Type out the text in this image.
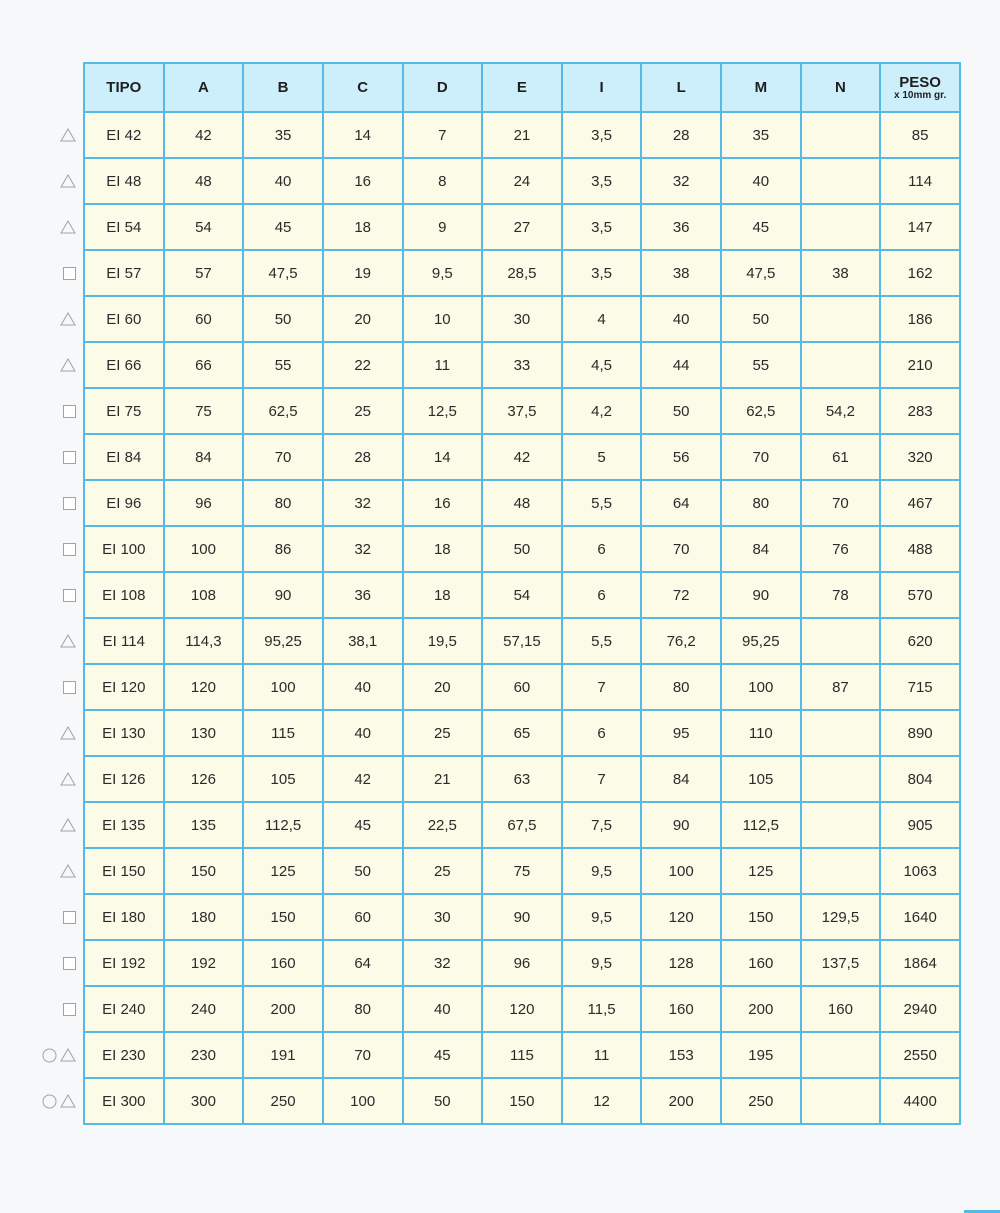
TIPO	A	B	C	D	E	I	L	M	N	PESO
x 10mm gr.

EI 42	42	35	14	7	21	3,5	28	35		85
EI 48	48	40	16	8	24	3,5	32	40		114
EI 54	54	45	18	9	27	3,5	36	45		147
EI 57	57	47,5	19	9,5	28,5	3,5	38	47,5	38	162
EI 60	60	50	20	10	30	4	40	50		186
EI 66	66	55	22	11	33	4,5	44	55		210
EI 75	75	62,5	25	12,5	37,5	4,2	50	62,5	54,2	283
EI 84	84	70	28	14	42	5	56	70	61	320
EI 96	96	80	32	16	48	5,5	64	80	70	467
EI 100	100	86	32	18	50	6	70	84	76	488
EI 108	108	90	36	18	54	6	72	90	78	570
EI 114	114,3	95,25	38,1	19,5	57,15	5,5	76,2	95,25		620
EI 120	120	100	40	20	60	7	80	100	87	715
EI 130	130	115	40	25	65	6	95	110		890
EI 126	126	105	42	21	63	7	84	105		804
EI 135	135	112,5	45	22,5	67,5	7,5	90	112,5		905
EI 150	150	125	50	25	75	9,5	100	125		1063
EI 180	180	150	60	30	90	9,5	120	150	129,5	1640
EI 192	192	160	64	32	96	9,5	128	160	137,5	1864
EI 240	240	200	80	40	120	11,5	160	200	160	2940
EI 230	230	191	70	45	115	11	153	195		2550
EI 300	300	250	100	50	150	12	200	250		4400
